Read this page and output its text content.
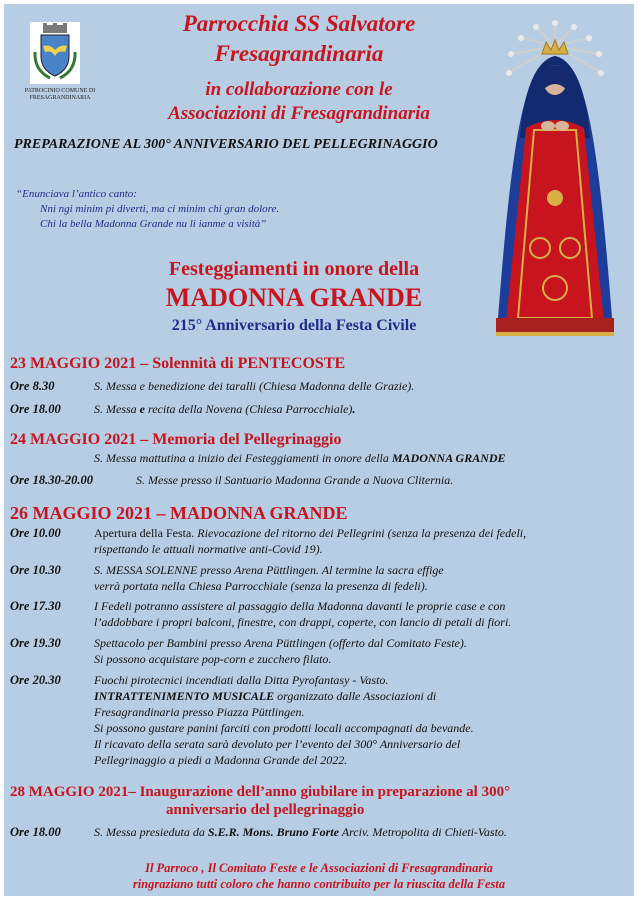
PATROCINIO COMUNE DI FRESAGRANDINARIA
Parrocchia SS Salvatore
Fresagrandinaria
in collaborazione con le
Associazioni di Fresagrandinaria
PREPARAZIONE AL 300° ANNIVERSARIO DEL PELLEGRINAGGIO
“Enunciava l’antico canto:
Nni ngi minim pi diverti, ma ci minim chi gran dolore.
Chi la bella Madonna Grande nu li ianme a visità”
Festeggiamenti in onore della
MADONNA GRANDE
215° Anniversario della Festa Civile
23 MAGGIO 2021 – Solennità di PENTECOSTE
Ore 8.30	S. Messa e benedizione dei taralli (Chiesa Madonna delle Grazie).
Ore 18.00	S. Messa e recita della Novena (Chiesa Parrocchiale).
24 MAGGIO 2021 – Memoria del Pellegrinaggio
S. Messa mattutina a inizio dei Festeggiamenti in onore della MADONNA GRANDE
Ore 18.30-20.00	S. Messe presso il Santuario Madonna Grande a Nuova Cliternia.
26 MAGGIO 2021 – MADONNA GRANDE
Ore 10.00	Apertura della Festa. Rievocazione del ritorno dei Pellegrini (senza la presenza dei fedeli,
rispettando le attuali normative anti-Covid 19).
Ore 10.30	S. MESSA SOLENNE presso Arena Püttlingen. Al termine la sacra effige
verrà portata nella Chiesa Parrocchiale (senza la presenza di fedeli).
Ore 17.30	I Fedeli potranno assistere al passaggio della Madonna davanti le proprie case e con
l’addobbare i propri balconi, finestre, con drappi, coperte, con lancio di petali di fiori.
Ore 19.30	Spettacolo per Bambini presso Arena Püttlingen (offerto dal Comitato Feste).
Si possono acquistare pop-corn e zucchero filato.
Ore 20.30	Fuochi pirotecnici incendiati dalla Ditta Pyrofantasy - Vasto.
INTRATTENIMENTO MUSICALE organizzato dalle Associazioni di
Fresagrandinaria presso Piazza Püttlingen.
Si possono gustare panini farciti con prodotti locali accompagnati da bevande.
Il ricavato della serata sarà devoluto per l’evento del 300° Anniversario del
Pellegrinaggio a piedi a Madonna Grande del 2022.
28 MAGGIO 2021– Inaugurazione dell’anno giubilare in preparazione al 300°
anniversario del pellegrinaggio
Ore 18.00	S. Messa presieduta da S.E.R. Mons. Bruno Forte Arciv. Metropolita di Chieti-Vasto.
Il Parroco , Il Comitato Feste e le Associazioni di Fresagrandinaria
ringraziano tutti coloro che hanno contribuito per la riuscita della Festa
